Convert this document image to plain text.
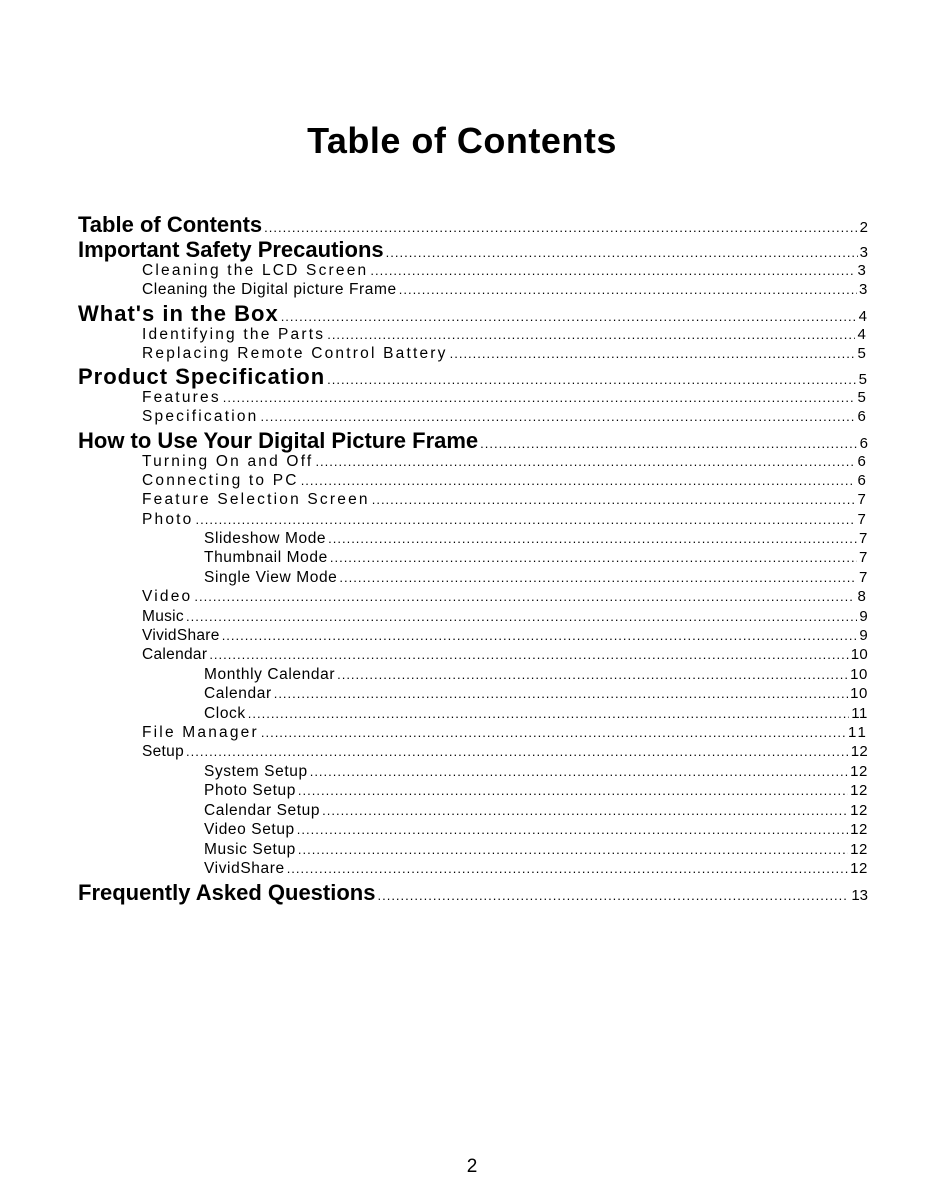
Table of Contents
Table of Contents .....	2
Important Safety Precautions .....	3
Cleaning the LCD Screen .....	3
Cleaning the Digital picture Frame .....	3
What's in the Box .....	4
Identifying the Parts .....	4
Replacing Remote Control Battery .....	5
Product Specification .....	5
Features .....	5
Specification .....	6
How to Use Your Digital Picture Frame .....	6
Turning On and Off .....	6
Connecting to PC .....	6
Feature Selection Screen .....	7
Photo .....	7
Slideshow Mode .....	7
Thumbnail Mode .....	7
Single View Mode .....	7
Video .....	8
Music .....	9
VividShare .....	9
Calendar .....	10
Monthly Calendar .....	10
Calendar .....	10
Clock .....	11
File Manager .....	11
Setup .....	12
System Setup .....	12
Photo Setup .....	12
Calendar Setup .....	12
Video Setup .....	12
Music Setup .....	12
VividShare .....	12
Frequently Asked Questions .....	13
2
